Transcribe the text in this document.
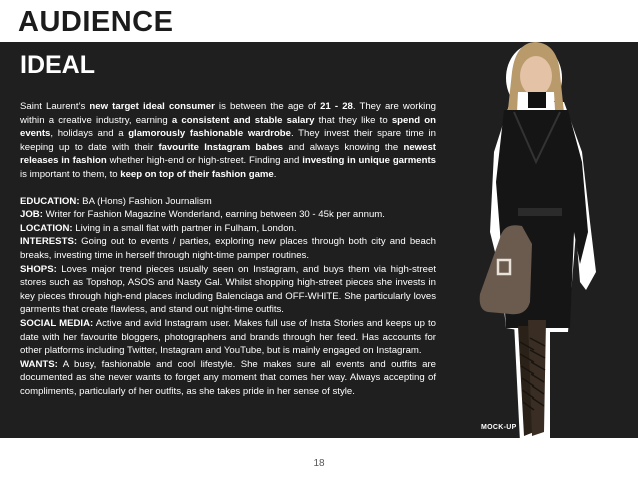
AUDIENCE
IDEAL

Saint Laurent’s new target ideal consumer is between the age of 21 - 28. They are working within a creative industry, earning a consistent and stable salary that they like to spend on events, holidays and a glamorously fashionable wardrobe. They invest their spare time in keeping up to date with their favourite Instagram babes and always knowing the newest releases in fashion whether high-end or high-street. Finding and investing in unique garments is important to them, to keep on top of their fashion game.

EDUCATION: BA (Hons) Fashion Journalism

JOB: Writer for Fashion Magazine Wonderland, earning between 30 - 45k per annum.

LOCATION: Living in a small flat with partner in Fulham, London.

INTERESTS: Going out to events / parties, exploring new places through both city and beach breaks, investing time in herself through night-time pamper routines.

SHOPS: Loves major trend pieces usually seen on Instagram, and buys them via high-street stores such as Topshop, ASOS and Nasty Gal. Whilst shopping high-street pieces she invests in key pieces through high-end places including Balenciaga and OFF-WHITE. She particularly loves garments that create flawless, and stand out night-time outfits.

SOCIAL MEDIA: Active and avid Instagram user. Makes full use of Insta Stories and keeps up to date with her favourite bloggers, photographers and brands through her feed. Has accounts for other platforms including Twitter, Instagram and YouTube, but is mainly engaged on Instagram.

WANTS: A busy, fashionable and cool lifestyle. She makes sure all events and outfits are documented as she never wants to forget any moment that comes her way. Always accepting of compliments, particularly of her outfits, as she takes pride in her sense of style.

MOCK-UP
18
